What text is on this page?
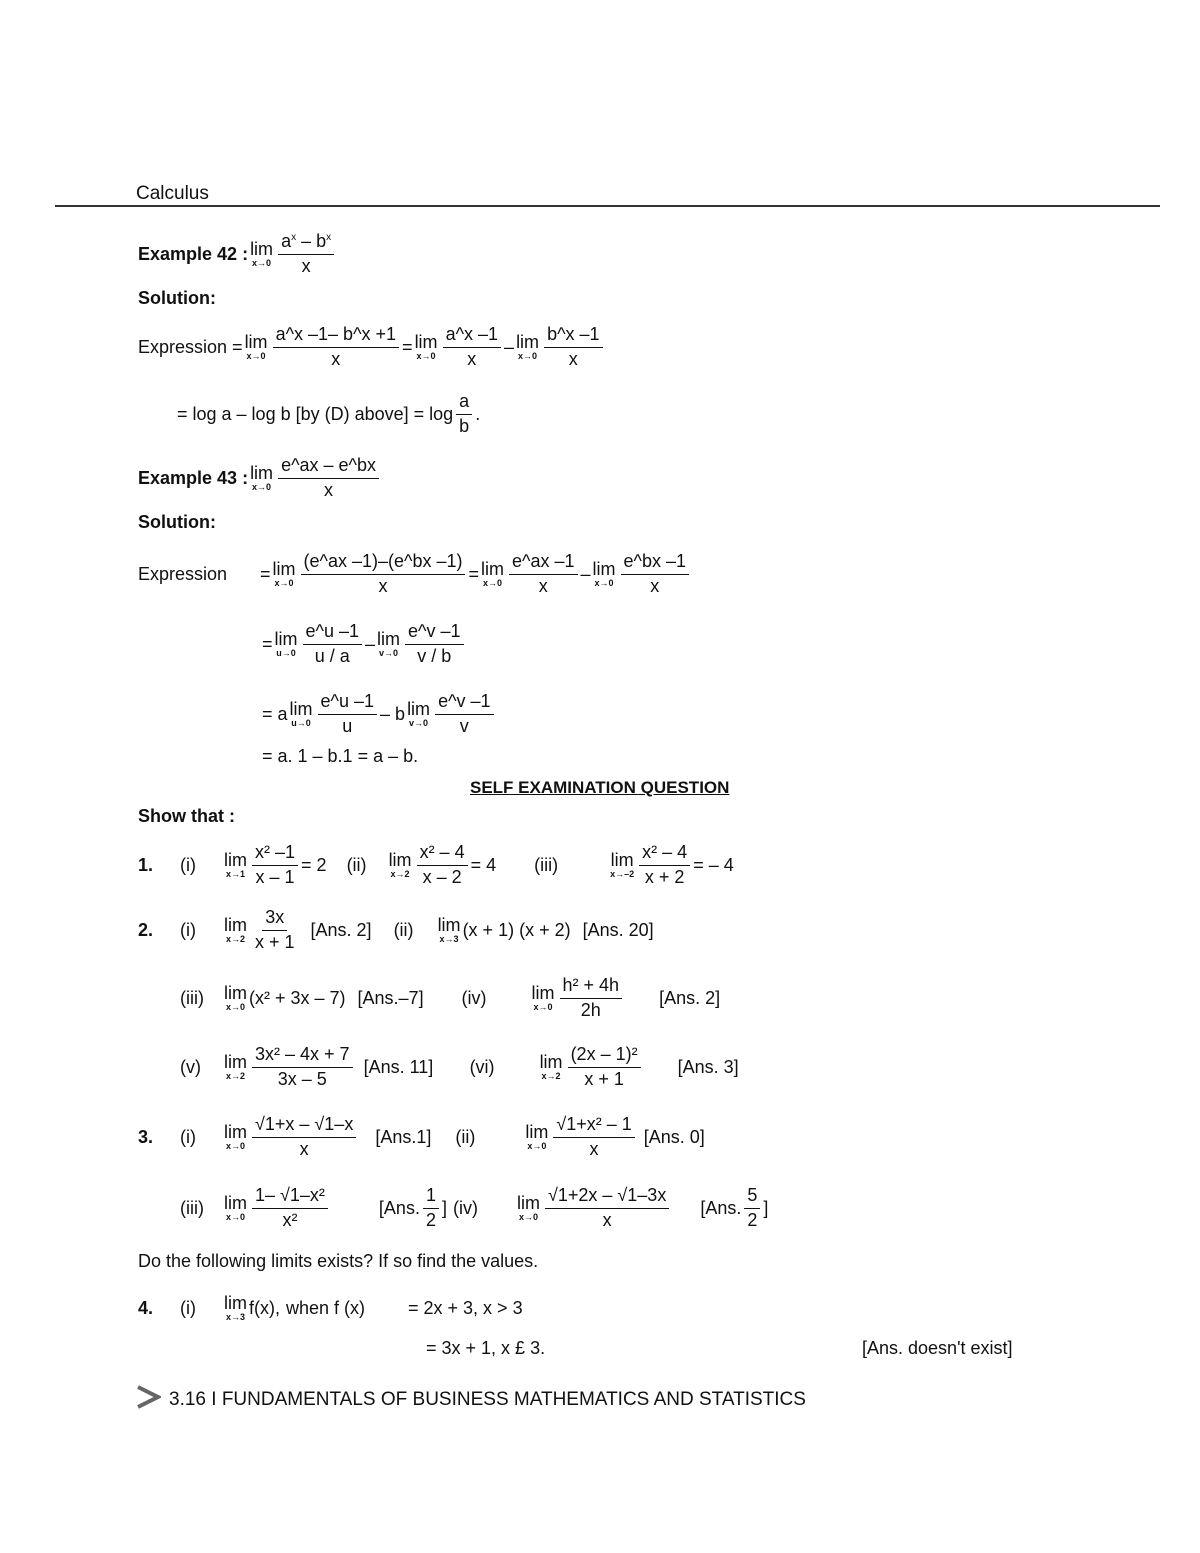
Calculus
Example 42 : lim
$x\to 0 \frac{a^x - b^x}{x}$
Solution:
Expression = lim
$x\to 0 \frac{a\^{}x -1- b\^{}x +1}{x} = \lim$
$x\to 0 \frac{a\^{}x -1}{x} - \lim$
$x\to 0 \frac{b\^{}x -1}{x}$
= log a – log b [by (D) above] = $\log \frac{a}{b}$ .
Example 43 : lim
$x\to 0 \frac{e\^{}ax - e\^{}bx}{x}$
Solution:
Expression	= lim
$x\to 0 \frac{(e\^{}ax -1)-(e\^{}bx -1)}{x} = \lim$
$x\to 0 \frac{e\^{}ax -1}{x} - \lim$
$x\to 0 \frac{e\^{}bx -1}{x}$
= lim
$u\to 0 \frac{e\^{}u -1}{u / a} - \lim$
$v\to 0 \frac{e\^{}v -1}{v / b}$
= a lim
$u\to 0 \frac{e\^{}u -1}{u} - b$ lim
$v\to 0 \frac{e\^{}v -1}{v}$
= a. 1 – b.1 = a – b.
SELF EXAMINATION QUESTION
Show that :
1.	(i)	lim
$x\to 1 \frac{\text{x² –1}}{x - 1} = 2$ (ii) lim
$x\to 2 \frac{\text{x² – 4}}{x - 2} = 4$ (iii)	lim
$x\to-2 \frac{\text{x² – 4}}{x + 2}$ = – 4
2.	(i)	lim
$x\to 2 \frac{3x}{x + 1} [Ans$. 2] (ii) lim
x→3 (x + 1) (x + 2) [Ans. 20]
(iii)	lim
x→0 (x² + 3x – 7) [Ans.–7]	(iv)	lim
$x\to 0 \frac{\text{h² + 4h}}{2h} [Ans$. 2]
(v)	lim
$x\to 2 \frac{\text{3x² – 4x + 7}}{3x - 5} [Ans$. 11]	(vi)	lim
$x\to 2 \frac{\text{(2x – 1)²}}{x + 1} [Ans$. 3]
3.	(i)	lim
$x\to 0 \frac{√1+x - √1-x}{x} [Ans.1]$	(ii)	lim
$x\to 0 \frac{\text{√1+x² – 1}}{x} [Ans$. 0]
(iii)	lim
$x\to 0 \frac{\text{1– √1–x²}}{\text{x²}}$	[Ans. $\frac{1}{2}$ ] (iv)	lim
$x\to 0 \frac{√1+2x - √1-3x}{x} [Ans$. $\frac{5}{2}$ ]
Do the following limits exists? If so find the values.
4.	(i)	lim
x→3 f(x), when f (x)	= 2x + 3, x > 3
= 3x + 1, x £ 3.	[Ans. doesn't exist]
3.16 I FUNDAMENTALS OF BUSINESS MATHEMATICS AND STATISTICS
